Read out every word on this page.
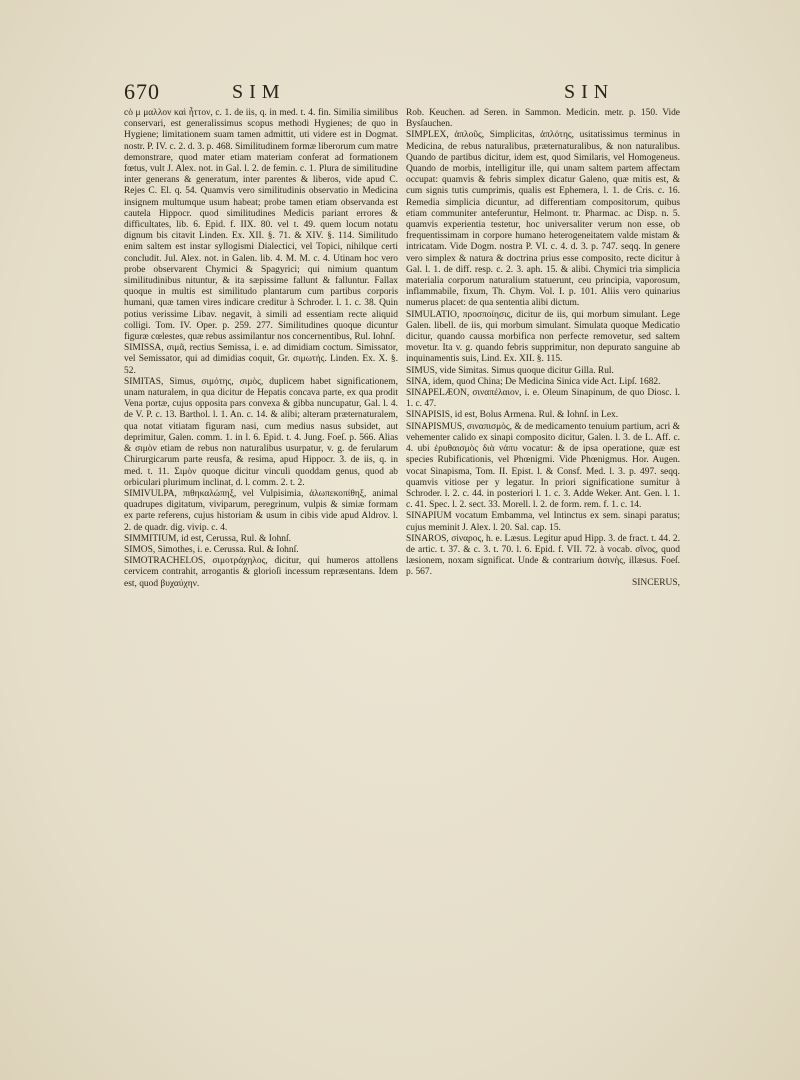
670	SIM	SIN

cὸ μ μαλλον καὶ ἧττον, c. 1. de iis, q. in med. t. 4. fin. Similia similibus conservari, est generalissimus scopus methodi Hygienes; de quo in Hygiene; limitationem suam tamen admittit, uti videre est in Dogmat. nostr. P. IV. c. 2. d. 3. p. 468. Similitudinem formæ liberorum cum matre demonstrare, quod mater etiam materiam conferat ad formationem fœtus, vult J. Alex. not. in Gal. l. 2. de femin. c. 1. Plura de similitudine inter generans & generatum, inter parentes & liberos, vide apud C. Rejes C. El. q. 54. Quamvis vero similitudinis observatio in Medicina insignem multumque usum habeat; probe tamen etiam observanda est cautela Hippocr. quod similitudines Medicis pariant errores & difficultates, lib. 6. Epid. f. IIX. 80. vel t. 49. quem locum notatu dignum bis citavit Linden. Ex. XII. §. 71. & XIV. §. 114. Similitudo enim saltem est instar syllogismi Dialectici, vel Topici, nihilque certi concludit. Jul. Alex. not. in Galen. lib. 4. M. M. c. 4. Utinam hoc vero probe observarent Chymici & Spagyrici; qui nimium quantum similitudinibus nituntur, & ita sæpissime fallunt & falluntur. Fallax quoque in multis est similitudo plantarum cum partibus corporis humani, quæ tamen vires indicare creditur à Schroder. l. 1. c. 38. Quin potius verissime Libav. negavit, à simili ad essentiam recte aliquid colligi. Tom. IV. Oper. p. 259. 277. Similitudines quoque dicuntur figuræ cœlestes, quæ rebus assimilantur nos concernentibus, Rul. Iohnſ.

SIMISSA, σιμᾶ, rectius Semissa, i. e. ad dimidiam coctum. Simissator, vel Semissator, qui ad dimidias coquit, Gr. σιμωτής. Linden. Ex. X. §. 52.

SIMITAS, Simus, σιμότης, σιμὸς, duplicem habet significationem, unam naturalem, in qua dicitur de Hepatis concava parte, ex qua prodit Vena portæ, cujus opposita pars convexa & gibba nuncupatur, Gal. l. 4. de V. P. c. 13. Barthol. l. 1. An. c. 14. & alibi; alteram præternaturalem, qua notat vitiatam figuram nasi, cum medius nasus subsidet, aut deprimitur, Galen. comm. 1. in l. 6. Epid. t. 4. Jung. Foeſ. p. 566. Alias & σιμὸν etiam de rebus non naturalibus usurpatur, v. g. de ferularum Chirurgicarum parte reusfa, & resima, apud Hippocr. 3. de iis, q. in med. t. 11. Σιμὸν quoque dicitur vinculi quoddam genus, quod ab orbiculari plurimum inclinat, d. l. comm. 2. t. 2.

SIMIVULPA, πιθηκαλώπηξ, vel Vulpisimia, ἀλωπεκοπίθηξ, animal quadrupes digitatum, viviparum, peregrinum, vulpis & simiæ formam ex parte referens, cujus historiam & usum in cibis vide apud Aldrov. l. 2. de quadr. dig. vivip. c. 4.

SIMMITIUM, id est, Cerussa, Rul. & Iohnſ.

SIMOS, Simothes, i. e. Cerussa. Rul. & Iohnſ.

SIMOTRACHELOS, σιμοτράχηλος, dicitur, qui humeros attollens cervicem contrahit, arrogantis & glorioſi incessum repræsentans. Idem est, quod βυχαύχην.

Rob. Keuchen. ad Seren. in Sammon. Medicin. metr. p. 150. Vide Bysſauchen.

SIMPLEX, ἁπλοῦς, Simplicitas, ἁπλότης, usitatissimus terminus in Medicina, de rebus naturalibus, præternaturalibus, & non naturalibus. Quando de partibus dicitur, idem est, quod Similaris, vel Homogeneus. Quando de morbis, intelligitur ille, qui unam saltem partem affectam occupat: quamvis & febris simplex dicatur Galeno, quæ mitis est, & cum signis tutis cumprimis, qualis est Ephemera, l. 1. de Cris. c. 16. Remedia simplicia dicuntur, ad differentiam compositorum, quibus etiam communiter anteferuntur, Helmont. tr. Pharmac. ac Disp. n. 5. quamvis experientia testetur, hoc universaliter verum non esse, ob frequentissimam in corpore humano heterogeneitatem valde mistam & intricatam. Vide Dogm. nostra P. VI. c. 4. d. 3. p. 747. seqq. In genere vero simplex & natura & doctrina prius esse composito, recte dicitur à Gal. l. 1. de diff. resp. c. 2. 3. aph. 15. & alibi. Chymici tria simplicia materialia corporum naturalium statuerunt, ceu principia, vaporosum, inflammabile, fixum, Th. Chym. Vol. I. p. 101. Aliis vero quinarius numerus placet: de qua sententia alibi dictum.

SIMULATIO, προσποίησις, dicitur de iis, qui morbum simulant. Lege Galen. libell. de iis, qui morbum simulant. Simulata quoque Medicatio dicitur, quando caussa morbifica non perfecte removetur, sed saltem movetur. Ita v. g. quando febris supprimitur, non depurato sanguine ab inquinamentis suis, Lind. Ex. XII. §. 115.

SIMUS, vide Simitas. Simus quoque dicitur Gilla. Rul.

SINA, idem, quod China; De Medicina Sinica vide Act. Lipſ. 1682.

SINAPELÆON, σιναπέλαιον, i. e. Oleum Sinapinum, de quo Diosc. l. 1. c. 47.

SINAPISIS, id est, Bolus Armena. Rul. & Iohnſ. in Lex.

SINAPISMUS, σιναπισμὸς, & de medicamento tenuium partium, acri & vehementer calido ex sinapi composito dicitur, Galen. l. 3. de L. Aff. c. 4. ubi ἐρυθαισμὸς διὰ νάπυ vocatur: & de ipsa operatione, quæ est species Rubificationis, vel Phœnigmi. Vide Phœnigmus. Hor. Augen. vocat Sinapisma, Tom. II. Epist. l. & Consf. Med. l. 3. p. 497. seqq. quamvis vitiose per y legatur. In priori significatione sumitur à Schroder. l. 2. c. 44. in posteriori l. 1. c. 3. Adde Weker. Ant. Gen. l. 1. c. 41. Spec. l. 2. sect. 33. Morell. l. 2. de form. rem. f. 1. c. 14.

SINAPIUM vocatum Embamma, vel Intinctus ex sem. sinapi paratus; cujus meminit J. Alex. l. 20. Sal. cap. 15.

SINAROS, σίναρος, h. e. Læsus. Legitur apud Hipp. 3. de fract. t. 44. 2. de artic. t. 37. & c. 3. t. 70. l. 6. Epid. f. VII. 72. à vocab. σῖνος, quod læsionem, noxam significat. Unde & contrarium ἀσινὴς, illæsus. Foeſ. p. 567.

SINCERUS,
